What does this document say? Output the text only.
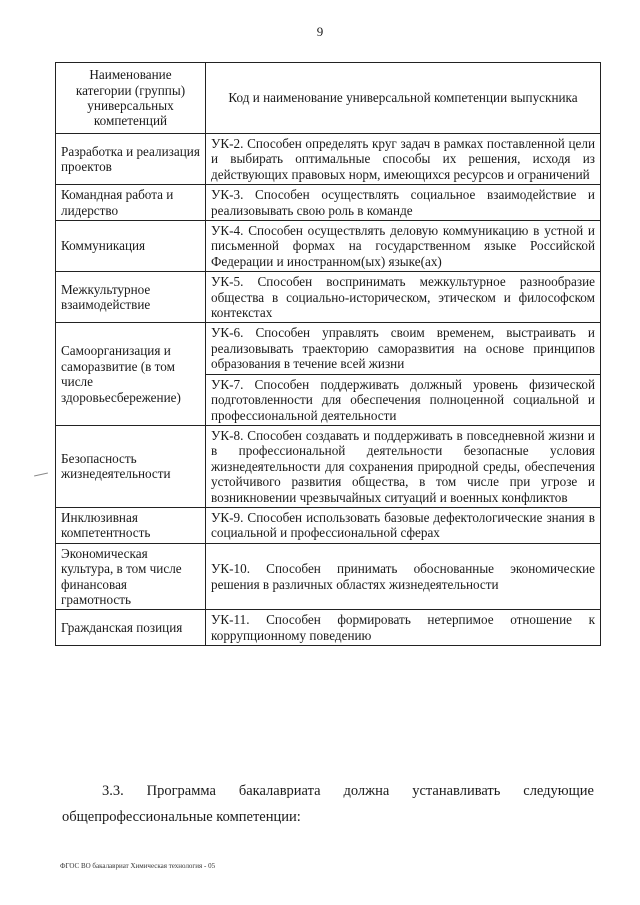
9
Наименование категории (группы) универсальных компетенций	Код и наименование универсальной компетенции выпускника
Разработка и реализация проектов	УК-2. Способен определять круг задач в рамках поставленной цели и выбирать оптимальные способы их решения, исходя из действующих правовых норм, имеющихся ресурсов и ограничений
Командная работа и лидерство	УК-3. Способен осуществлять социальное взаимодействие и реализовывать свою роль в команде
Коммуникация	УК-4. Способен осуществлять деловую коммуникацию в устной и письменной формах на государственном языке Российской Федерации и иностранном(ых) языке(ах)
Межкультурное взаимодействие	УК-5. Способен воспринимать межкультурное разнообразие общества в социально-историческом, этическом и философском контекстах
Самоорганизация и саморазвитие (в том числе здоровьесбережение)	УК-6. Способен управлять своим временем, выстраивать и реализовывать траекторию саморазвития на основе принципов образования в течение всей жизни
	УК-7. Способен поддерживать должный уровень физической подготовленности для обеспечения полноценной социальной и профессиональной деятельности
Безопасность жизнедеятельности	УК-8. Способен создавать и поддерживать в повседневной жизни и в профессиональной деятельности безопасные условия жизнедеятельности для сохранения природной среды, обеспечения устойчивого развития общества, в том числе при угрозе и возникновении чрезвычайных ситуаций и военных конфликтов
Инклюзивная компетентность	УК-9. Способен использовать базовые дефектологические знания в социальной и профессиональной сферах
Экономическая культура, в том числе финансовая грамотность	УК-10. Способен принимать обоснованные экономические решения в различных областях жизнедеятельности
Гражданская позиция	УК-11. Способен формировать нетерпимое отношение к коррупционному поведению
3.3. Программа бакалавриата должна устанавливать следующие
общепрофессиональные компетенции:
ФГОС ВО бакалавриат Химическая технология - 05
